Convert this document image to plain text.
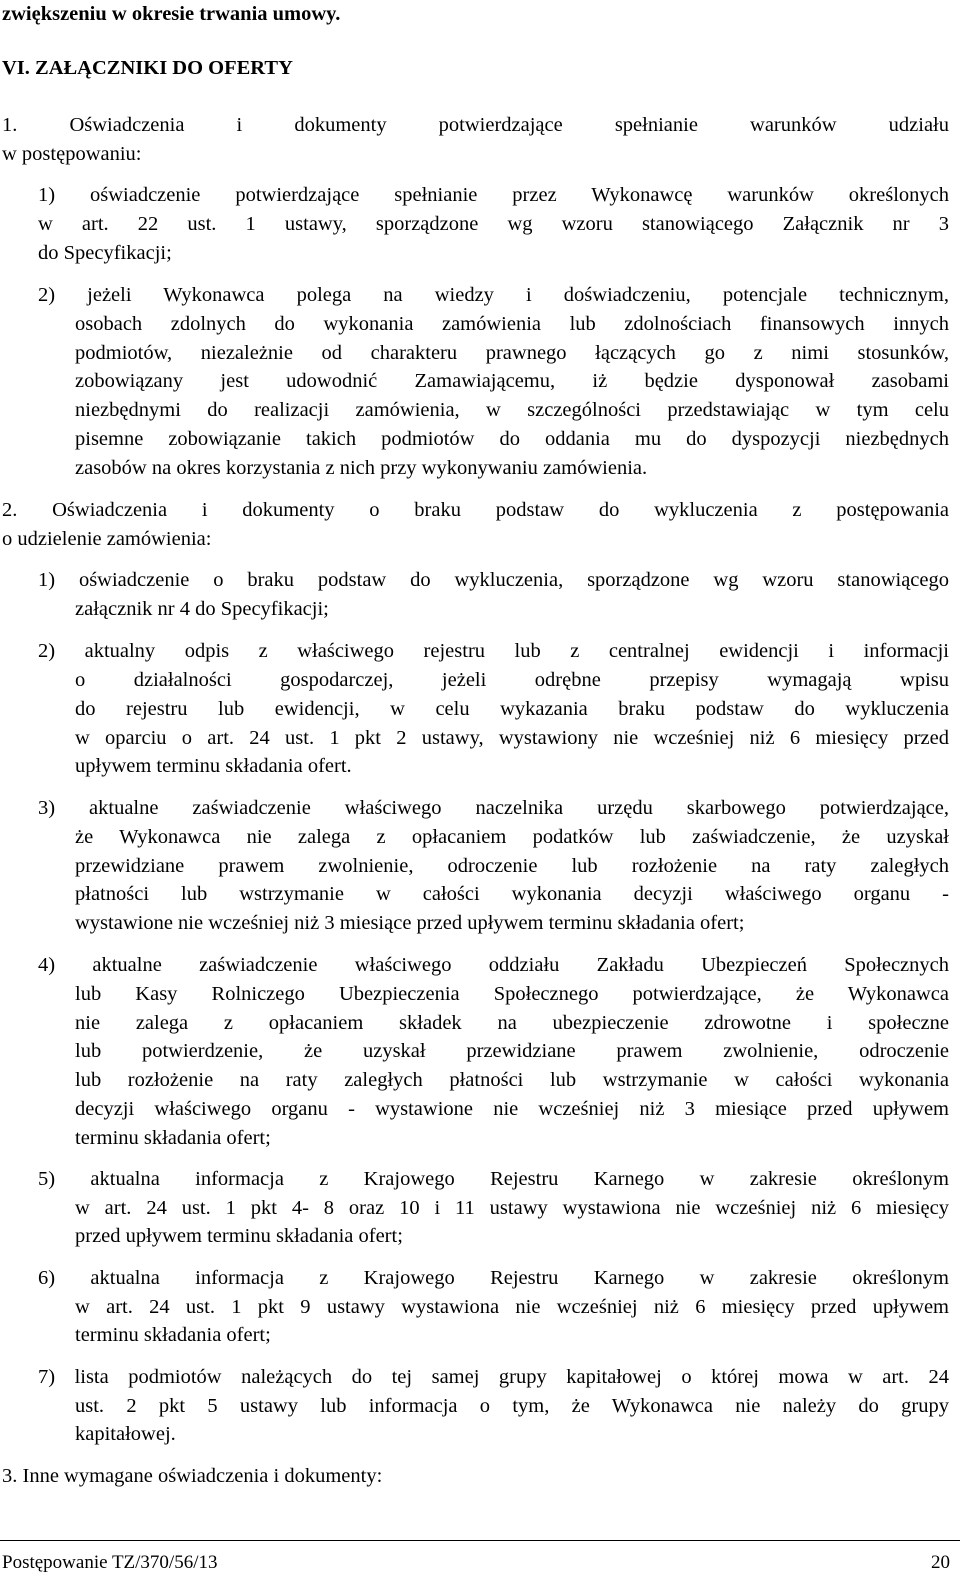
zwiększeniu w okresie trwania umowy.
VI. ZAŁĄCZNIKI DO OFERTY
1. Oświadczenia i dokumenty potwierdzające spełnianie warunków udziału
w postępowaniu:
1) oświadczenie potwierdzające spełnianie przez Wykonawcę warunków określonych
w art. 22 ust. 1 ustawy, sporządzone wg wzoru stanowiącego Załącznik nr 3
do Specyfikacji;
2) jeżeli Wykonawca polega na wiedzy i doświadczeniu, potencjale technicznym,
osobach zdolnych do wykonania zamówienia lub zdolnościach finansowych innych
podmiotów, niezależnie od charakteru prawnego łączących go z nimi stosunków,
zobowiązany jest udowodnić Zamawiającemu, iż będzie dysponował zasobami
niezbędnymi do realizacji zamówienia, w szczególności przedstawiając w tym celu
pisemne zobowiązanie takich podmiotów do oddania mu do dyspozycji niezbędnych
zasobów na okres korzystania z nich przy wykonywaniu zamówienia.
2. Oświadczenia i dokumenty o braku podstaw do wykluczenia z postępowania
o udzielenie zamówienia:
1) oświadczenie o braku podstaw do wykluczenia, sporządzone wg wzoru stanowiącego
załącznik nr 4 do Specyfikacji;
2) aktualny odpis z właściwego rejestru lub z centralnej ewidencji i informacji
o działalności gospodarczej, jeżeli odrębne przepisy wymagają wpisu
do rejestru lub ewidencji, w celu wykazania braku podstaw do wykluczenia
w oparciu o art. 24 ust. 1 pkt 2 ustawy, wystawiony nie wcześniej niż 6 miesięcy przed
upływem terminu składania ofert.
3) aktualne zaświadczenie właściwego naczelnika urzędu skarbowego potwierdzające,
że Wykonawca nie zalega z opłacaniem podatków lub zaświadczenie, że uzyskał
przewidziane prawem zwolnienie, odroczenie lub rozłożenie na raty zaległych
płatności lub wstrzymanie w całości wykonania decyzji właściwego organu -
wystawione nie wcześniej niż 3 miesiące przed upływem terminu składania ofert;
4) aktualne zaświadczenie właściwego oddziału Zakładu Ubezpieczeń Społecznych
lub Kasy Rolniczego Ubezpieczenia Społecznego potwierdzające, że Wykonawca
nie zalega z opłacaniem składek na ubezpieczenie zdrowotne i społeczne
lub potwierdzenie, że uzyskał przewidziane prawem zwolnienie, odroczenie
lub rozłożenie na raty zaległych płatności lub wstrzymanie w całości wykonania
decyzji właściwego organu - wystawione nie wcześniej niż 3 miesiące przed upływem
terminu składania ofert;
5) aktualna informacja z Krajowego Rejestru Karnego w zakresie określonym
w art. 24 ust. 1 pkt 4- 8 oraz 10 i 11 ustawy wystawiona nie wcześniej niż 6 miesięcy
przed upływem terminu składania ofert;
6) aktualna informacja z Krajowego Rejestru Karnego w zakresie określonym
w art. 24 ust. 1 pkt 9 ustawy wystawiona nie wcześniej niż 6 miesięcy przed upływem
terminu składania ofert;
7) lista podmiotów należących do tej samej grupy kapitałowej o której mowa w art. 24
ust. 2 pkt 5 ustawy lub informacja o tym, że Wykonawca nie należy do grupy
kapitałowej.
3. Inne wymagane oświadczenia i dokumenty:
Postępowanie TZ/370/56/13	20
